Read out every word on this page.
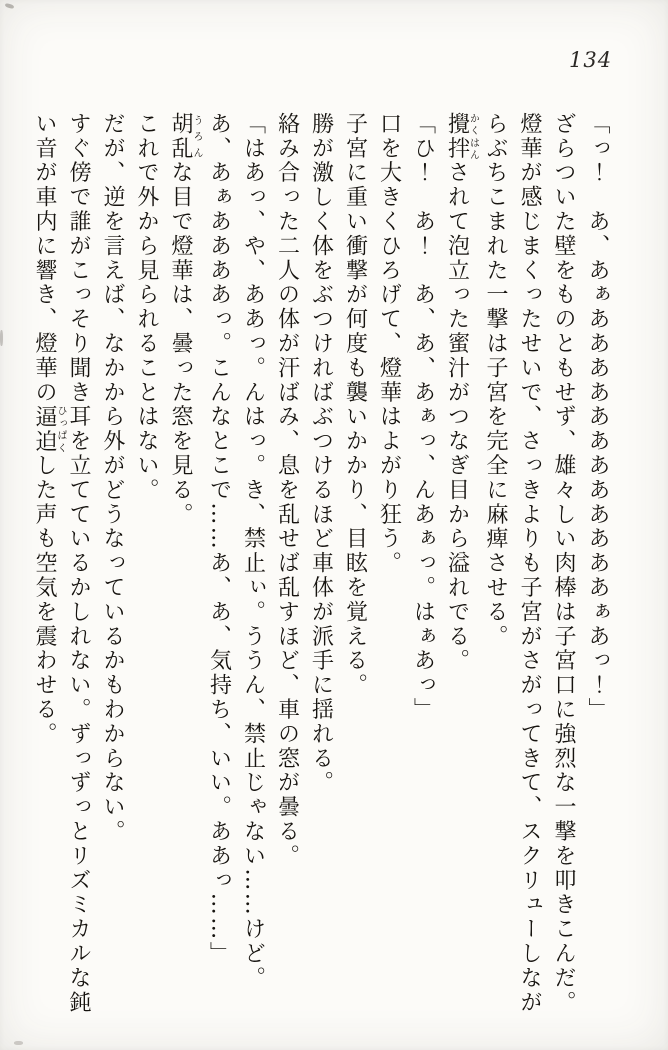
134

「っ！　あ、あぁああああああああああああぁあっ！」

ざらついた壁をものともせず、雄々しい肉棒は子宮口に強烈な一撃を叩きこんだ。

燈華が感じまくったせいで、さっきよりも子宮がさがってきて、スクリューしながらぶちこまれた一撃は子宮を完全に麻痺させる。

攪拌かくはんされて泡立った蜜汁がつなぎ目から溢れでる。

「ひ！　あ！　あ、あ、あぁっ、んあぁっ。はぁあっ」

口を大きくひろげて、燈華はよがり狂う。

子宮に重い衝撃が何度も襲いかかり、目眩を覚える。

勝が激しく体をぶつければぶつけるほど車体が派手に揺れる。

絡み合った二人の体が汗ばみ、息を乱せば乱すほど、車の窓が曇る。

「はあっ、や、ああっ。んはっ。き、禁止ぃ。ううん、禁止じゃない……けど。あ、あぁああああっ。こんなとこで……あ、あ、気持ち、いい。ああっ……」

胡乱うろんな目で燈華は、曇った窓を見る。

これで外から見られることはない。

だが、逆を言えば、なかから外がどうなっているかもわからない。

すぐ傍で誰がこっそり聞き耳を立てているかしれない。ずっずっとリズミカルな鈍い音が車内に響き、燈華の逼迫ひっぱくした声も空気を震わせる。
